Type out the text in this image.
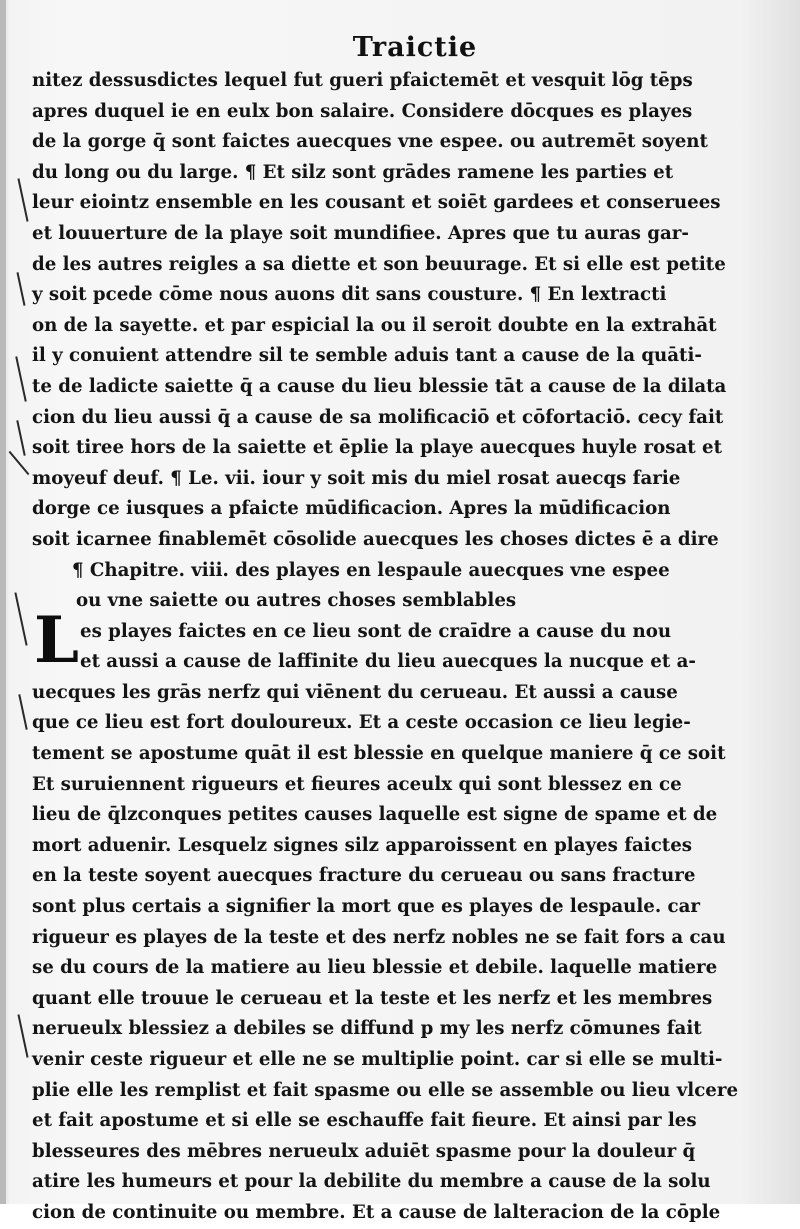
Traictie
nitez dessusdictes lequel fut gueri pfaictemēt et vesquit lōg tēps
apres duquel ie en eulx bon salaire. Considere dōcques es playes
de la gorge q̄ sont faictes auecques vne espee. ou autremēt soyent
du long ou du large. ¶ Et silz sont grādes ramene les parties et
leur eiointz ensemble en les cousant et soiēt gardees et conseruees
et louuerture de la playe soit mundifiee. Apres que tu auras gar-
de les autres reigles a sa diette et son beuurage. Et si elle est petite
y soit pcede cōme nous auons dit sans cousture. ¶ En lextracti
on de la sayette. et par espicial la ou il seroit doubte en la extrahāt
il y conuient attendre sil te semble aduis tant a cause de la quāti-
te de ladicte saiette q̄ a cause du lieu blessie tāt a cause de la dilata
cion du lieu aussi q̄ a cause de sa molificaciō et cōfortaciō. cecy fait
soit tiree hors de la saiette et ēplie la playe auecques huyle rosat et
moyeuf deuf. ¶ Le. vii. iour y soit mis du miel rosat auecqs farie
dorge ce iusques a pfaicte mūdificacion. Apres la mūdificacion
soit icarnee finablemēt cōsolide auecques les choses dictes ē a dire
¶ Chapitre. viii. des playes en lespaule auecques vne espee
ou vne saiette ou autres choses semblables
L es playes faictes en ce lieu sont de craīdre a cause du nou
et aussi a cause de laffinite du lieu auecques la nucque et a-
uecques les grās nerfz qui viēnent du cerueau. Et aussi a cause
que ce lieu est fort douloureux. Et a ceste occasion ce lieu legie-
tement se apostume quāt il est blessie en quelque maniere q̄ ce soit
Et suruiennent rigueurs et fieures aceulx qui sont blessez en ce
lieu de q̄lzconques petites causes laquelle est signe de spame et de
mort aduenir. Lesquelz signes silz apparoissent en playes faictes
en la teste soyent auecques fracture du cerueau ou sans fracture
sont plus certais a signifier la mort que es playes de lespaule. car
rigueur es playes de la teste et des nerfz nobles ne se fait fors a cau
se du cours de la matiere au lieu blessie et debile. laquelle matiere
quant elle trouue le cerueau et la teste et les nerfz et les membres
nerueulx blessiez a debiles se diffund p my les nerfz cōmunes fait
venir ceste rigueur et elle ne se multiplie point. car si elle se multi-
plie elle les remplist et fait spasme ou elle se assemble ou lieu vlcere
et fait apostume et si elle se eschauffe fait fieure. Et ainsi par les
blesseures des mēbres nerueulx aduiēt spasme pour la douleur q̄
atire les humeurs et pour la debilite du membre a cause de la solu
cion de continuite ou membre. Et a cause de lalteracion de la cōple
